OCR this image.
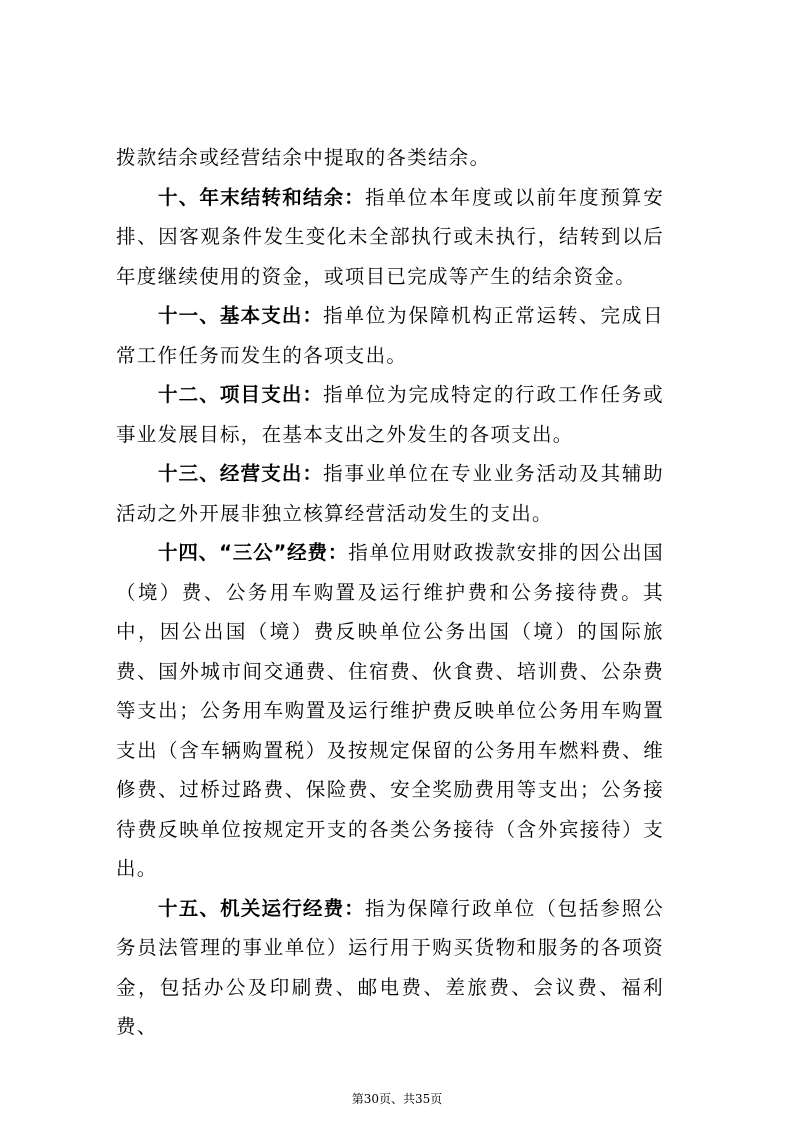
拨款结余或经营结余中提取的各类结余。

十、年末结转和结余：指单位本年度或以前年度预算安排、因客观条件发生变化未全部执行或未执行，结转到以后年度继续使用的资金，或项目已完成等产生的结余资金。

十一、基本支出：指单位为保障机构正常运转、完成日常工作任务而发生的各项支出。

十二、项目支出：指单位为完成特定的行政工作任务或事业发展目标，在基本支出之外发生的各项支出。

十三、经营支出：指事业单位在专业业务活动及其辅助活动之外开展非独立核算经营活动发生的支出。

十四、“三公”经费：指单位用财政拨款安排的因公出国（境）费、公务用车购置及运行维护费和公务接待费。其中，因公出国（境）费反映单位公务出国（境）的国际旅费、国外城市间交通费、住宿费、伙食费、培训费、公杂费等支出；公务用车购置及运行维护费反映单位公务用车购置支出（含车辆购置税）及按规定保留的公务用车燃料费、维修费、过桥过路费、保险费、安全奖励费用等支出；公务接待费反映单位按规定开支的各类公务接待（含外宾接待）支出。

十五、机关运行经费：指为保障行政单位（包括参照公务员法管理的事业单位）运行用于购买货物和服务的各项资金，包括办公及印刷费、邮电费、差旅费、会议费、福利费、

第30页、共35页
